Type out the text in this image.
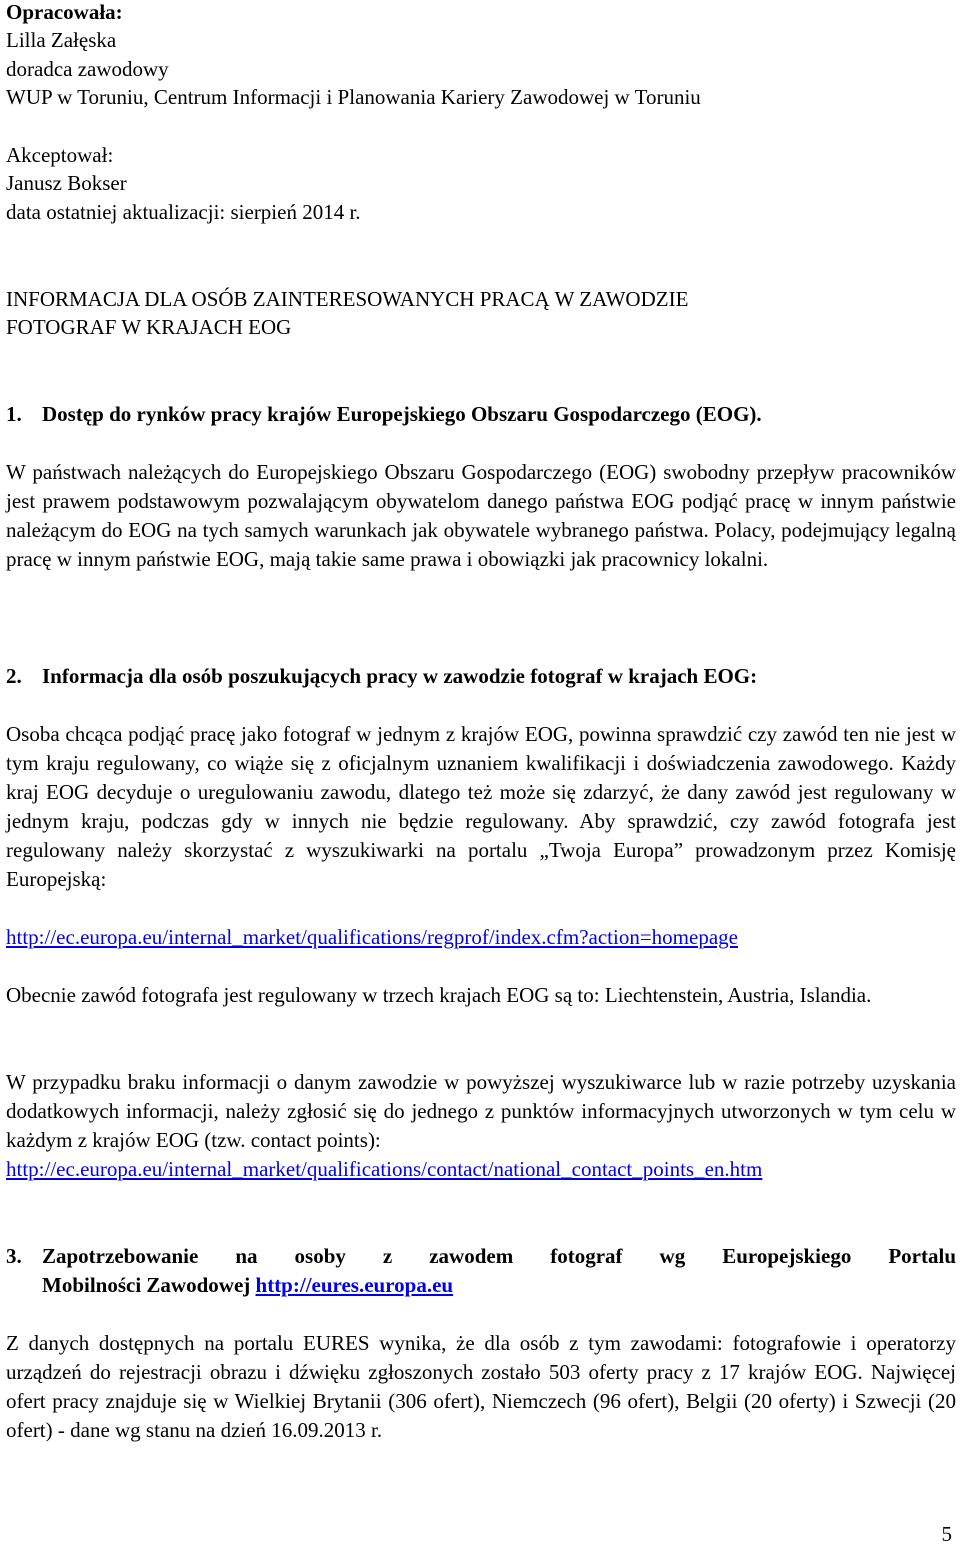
Opracowała:
Lilla Załęska
doradca zawodowy
WUP w Toruniu, Centrum Informacji i Planowania Kariery Zawodowej w Toruniu
Akceptował:
Janusz Bokser
data ostatniej aktualizacji: sierpień 2014 r.
INFORMACJA DLA OSÓB ZAINTERESOWANYCH PRACĄ W ZAWODZIE
FOTOGRAF W KRAJACH EOG
1. Dostęp do rynków pracy krajów Europejskiego Obszaru Gospodarczego (EOG).
W państwach należących do Europejskiego Obszaru Gospodarczego (EOG) swobodny przepływ pracowników jest prawem podstawowym pozwalającym obywatelom danego państwa EOG podjąć pracę w innym państwie należącym do EOG na tych samych warunkach jak obywatele wybranego państwa. Polacy, podejmujący legalną pracę w innym państwie EOG, mają takie same prawa i obowiązki jak pracownicy lokalni.
2. Informacja dla osób poszukujących pracy w zawodzie fotograf w krajach EOG:
Osoba chcąca podjąć pracę jako fotograf w jednym z krajów EOG, powinna sprawdzić czy zawód ten nie jest w tym kraju regulowany, co wiąże się z oficjalnym uznaniem kwalifikacji i doświadczenia zawodowego. Każdy kraj EOG decyduje o uregulowaniu zawodu, dlatego też może się zdarzyć, że dany zawód jest regulowany w jednym kraju, podczas gdy w innych nie będzie regulowany. Aby sprawdzić, czy zawód fotografa jest regulowany należy skorzystać z wyszukiwarki na portalu „Twoja Europa” prowadzonym przez Komisję Europejską:
http://ec.europa.eu/internal_market/qualifications/regprof/index.cfm?action=homepage
Obecnie zawód fotografa jest regulowany w trzech krajach EOG są to: Liechtenstein, Austria, Islandia.
W przypadku braku informacji o danym zawodzie w powyższej wyszukiwarce lub w razie potrzeby uzyskania dodatkowych informacji, należy zgłosić się do jednego z punktów informacyjnych utworzonych w tym celu w każdym z krajów EOG (tzw. contact points):
http://ec.europa.eu/internal_market/qualifications/contact/national_contact_points_en.htm
3. Zapotrzebowanie na osoby z zawodem fotograf wg Europejskiego Portalu
Mobilności Zawodowej http://eures.europa.eu
Z danych dostępnych na portalu EURES wynika, że dla osób z tym zawodami: fotografowie i operatorzy urządzeń do rejestracji obrazu i dźwięku zgłoszonych zostało 503 oferty pracy z 17 krajów EOG. Najwięcej ofert pracy znajduje się w Wielkiej Brytanii (306 ofert), Niemczech (96 ofert), Belgii (20 oferty) i Szwecji (20 ofert) - dane wg stanu na dzień 16.09.2013 r.
5
